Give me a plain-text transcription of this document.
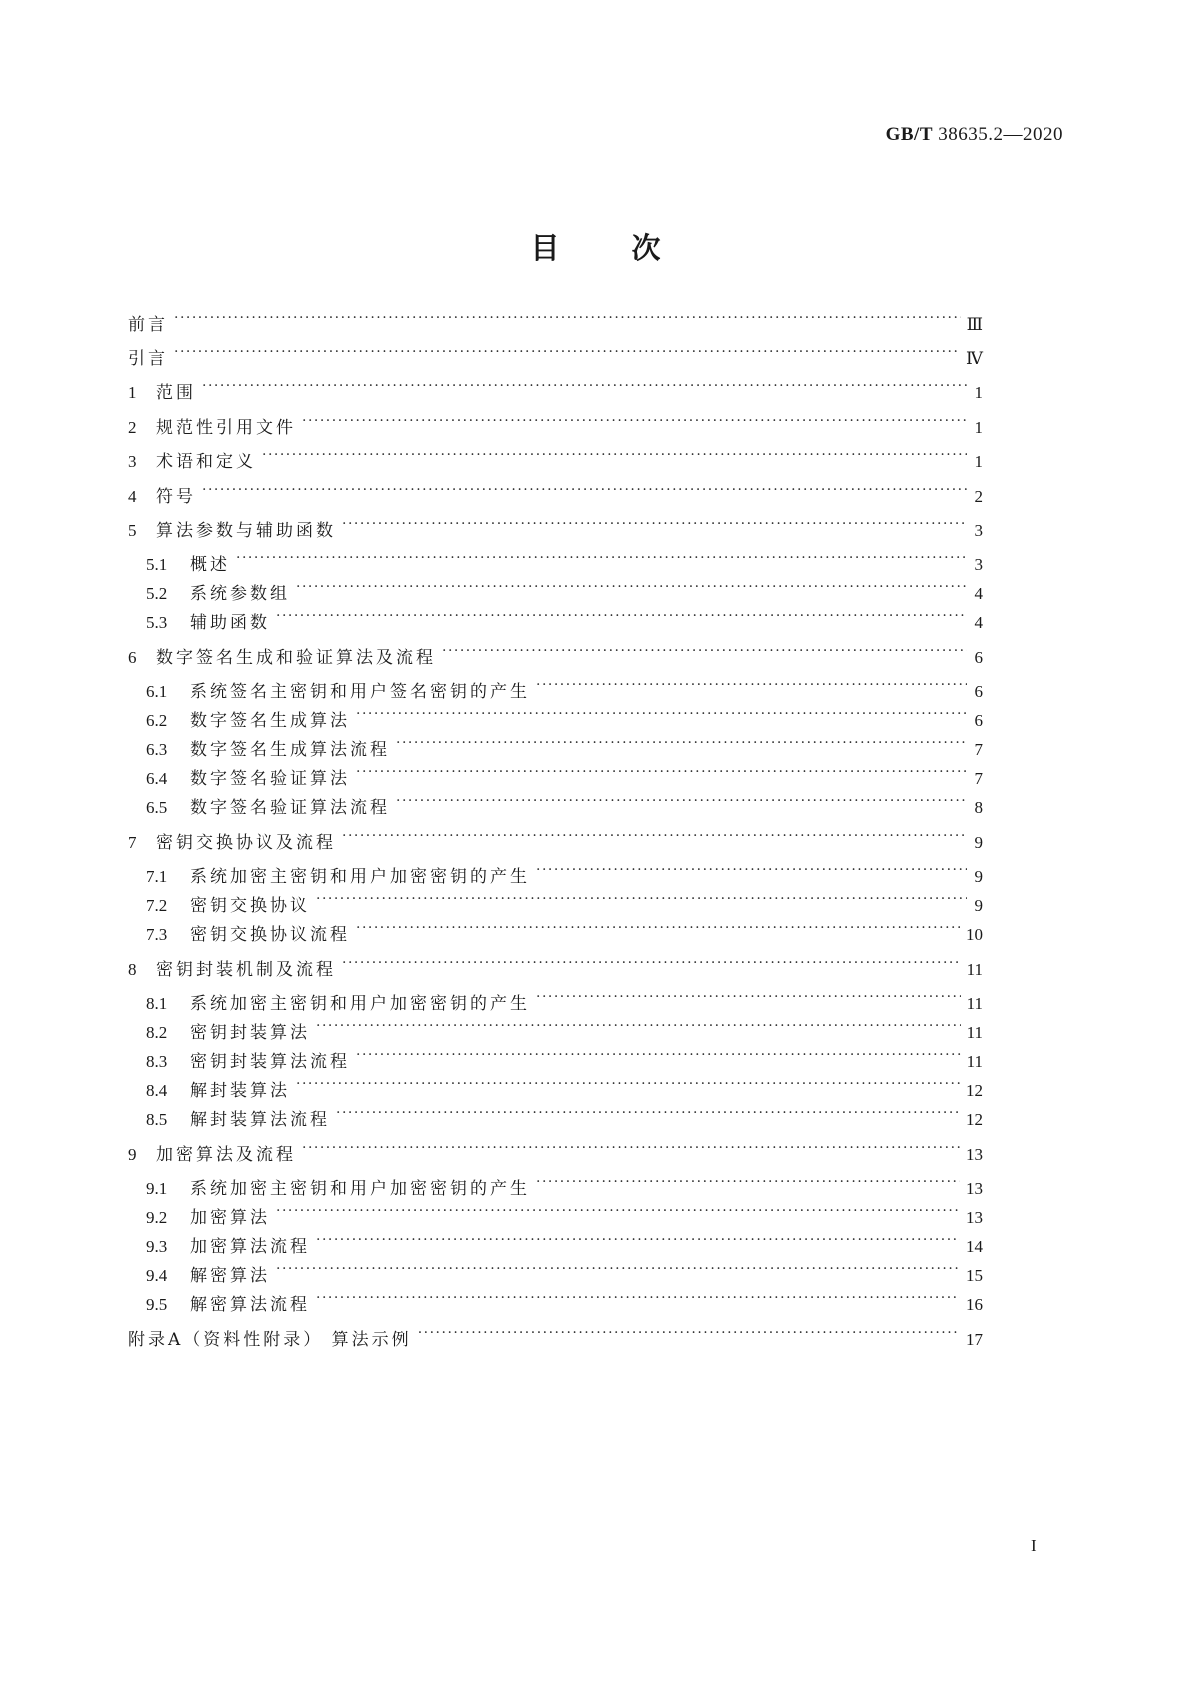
GB/T 38635.2—2020
目次
前言 ·····	Ⅲ
引言 ·····	Ⅳ
1	范围 ·····	1
2	规范性引用文件 ·····	1
3	术语和定义 ·····	1
4	符号 ·····	2
5	算法参数与辅助函数 ·····	3
5.1	概述 ·····	3
5.2	系统参数组 ·····	4
5.3	辅助函数 ·····	4
6	数字签名生成和验证算法及流程 ·····	6
6.1	系统签名主密钥和用户签名密钥的产生 ·····	6
6.2	数字签名生成算法 ·····	6
6.3	数字签名生成算法流程 ·····	7
6.4	数字签名验证算法 ·····	7
6.5	数字签名验证算法流程 ·····	8
7	密钥交换协议及流程 ·····	9
7.1	系统加密主密钥和用户加密密钥的产生 ·····	9
7.2	密钥交换协议 ·····	9
7.3	密钥交换协议流程 ·····	10
8	密钥封装机制及流程 ·····	11
8.1	系统加密主密钥和用户加密密钥的产生 ·····	11
8.2	密钥封装算法 ·····	11
8.3	密钥封装算法流程 ·····	11
8.4	解封装算法 ·····	12
8.5	解封装算法流程 ·····	12
9	加密算法及流程 ·····	13
9.1	系统加密主密钥和用户加密密钥的产生 ·····	13
9.2	加密算法 ·····	13
9.3	加密算法流程 ·····	14
9.4	解密算法 ·····	15
9.5	解密算法流程 ·····	16
附录A（资料性附录） 算法示例 ·····	17
I
